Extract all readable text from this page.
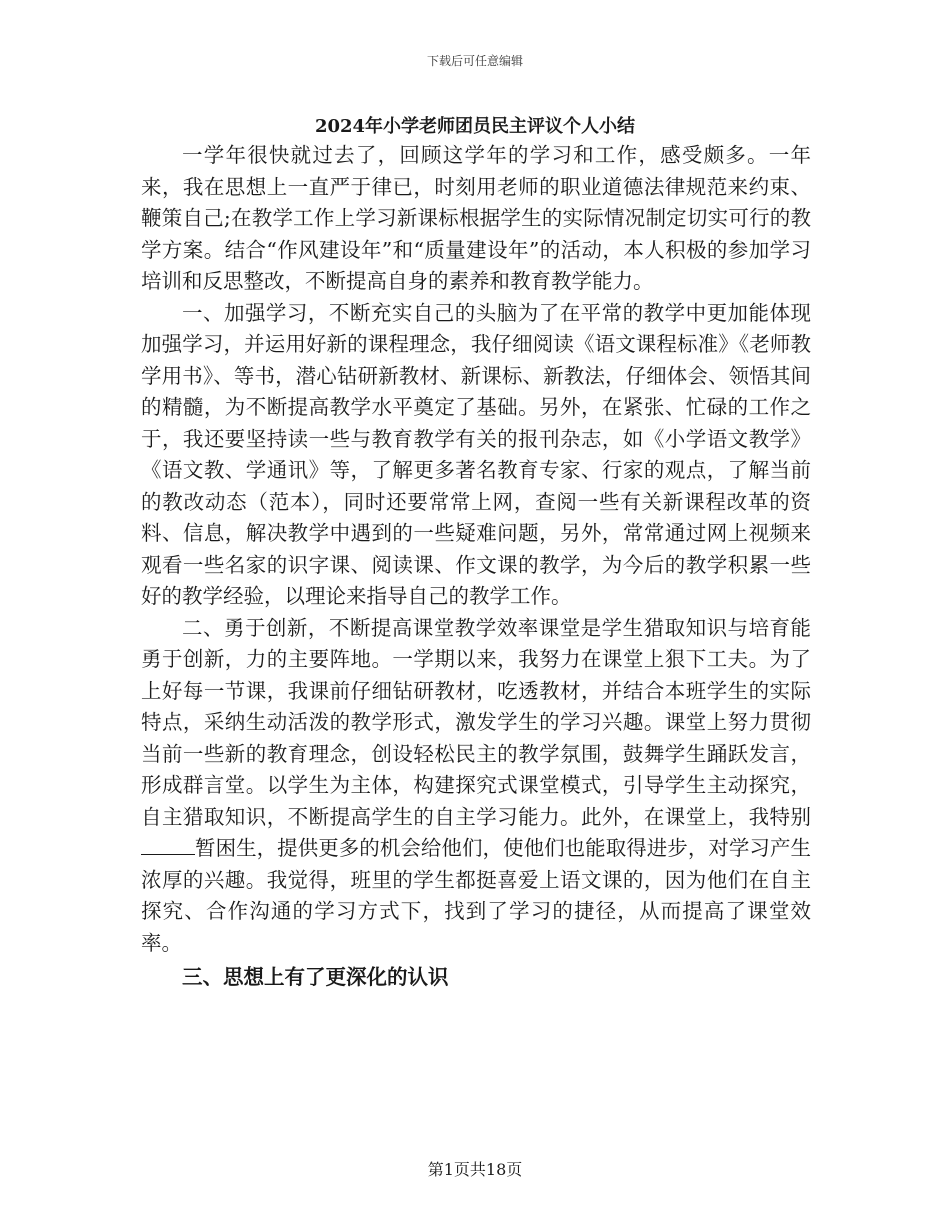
下载后可任意编辑
2024年小学老师团员民主评议个人小结

一学年很快就过去了，回顾这学年的学习和工作，感受颇多。一年来，我在思想上一直严于律已，时刻用老师的职业道德法律规范来约束、鞭策自己;在教学工作上学习新课标根据学生的实际情况制定切实可行的教学方案。结合“作风建设年”和“质量建设年”的活动，本人积极的参加学习培训和反思整改，不断提高自身的素养和教育教学能力。

一、加强学习，不断充实自己的头脑为了在平常的教学中更加能体现加强学习，并运用好新的课程理念，我仔细阅读《语文课程标准》《老师教学用书》、等书，潜心钻研新教材、新课标、新教法，仔细体会、领悟其间的精髓，为不断提高教学水平奠定了基础。另外，在紧张、忙碌的工作之于，我还要坚持读一些与教育教学有关的报刊杂志，如《小学语文教学》《语文教、学通讯》等，了解更多著名教育专家、行家的观点，了解当前的教改动态（范本），同时还要常常上网，查阅一些有关新课程改革的资料、信息，解决教学中遇到的一些疑难问题，另外，常常通过网上视频来观看一些名家的识字课、阅读课、作文课的教学，为今后的教学积累一些好的教学经验，以理论来指导自己的教学工作。

二、勇于创新，不断提高课堂教学效率课堂是学生猎取知识与培育能勇于创新，力的主要阵地。一学期以来，我努力在课堂上狠下工夫。为了上好每一节课，我课前仔细钻研教材，吃透教材，并结合本班学生的实际特点，采纳生动活泼的教学形式，激发学生的学习兴趣。课堂上努力贯彻当前一些新的教育理念，创设轻松民主的教学氛围，鼓舞学生踊跃发言，形成群言堂。以学生为主体，构建探究式课堂模式，引导学生主动探究，自主猎取知识，不断提高学生的自主学习能力。此外，在课堂上，我特别暂困生，提供更多的机会给他们，使他们也能取得进步，对学习产生浓厚的兴趣。我觉得，班里的学生都挺喜爱上语文课的，因为他们在自主探究、合作沟通的学习方式下，找到了学习的捷径，从而提高了课堂效率。

三、思想上有了更深化的认识

第1页共18页
